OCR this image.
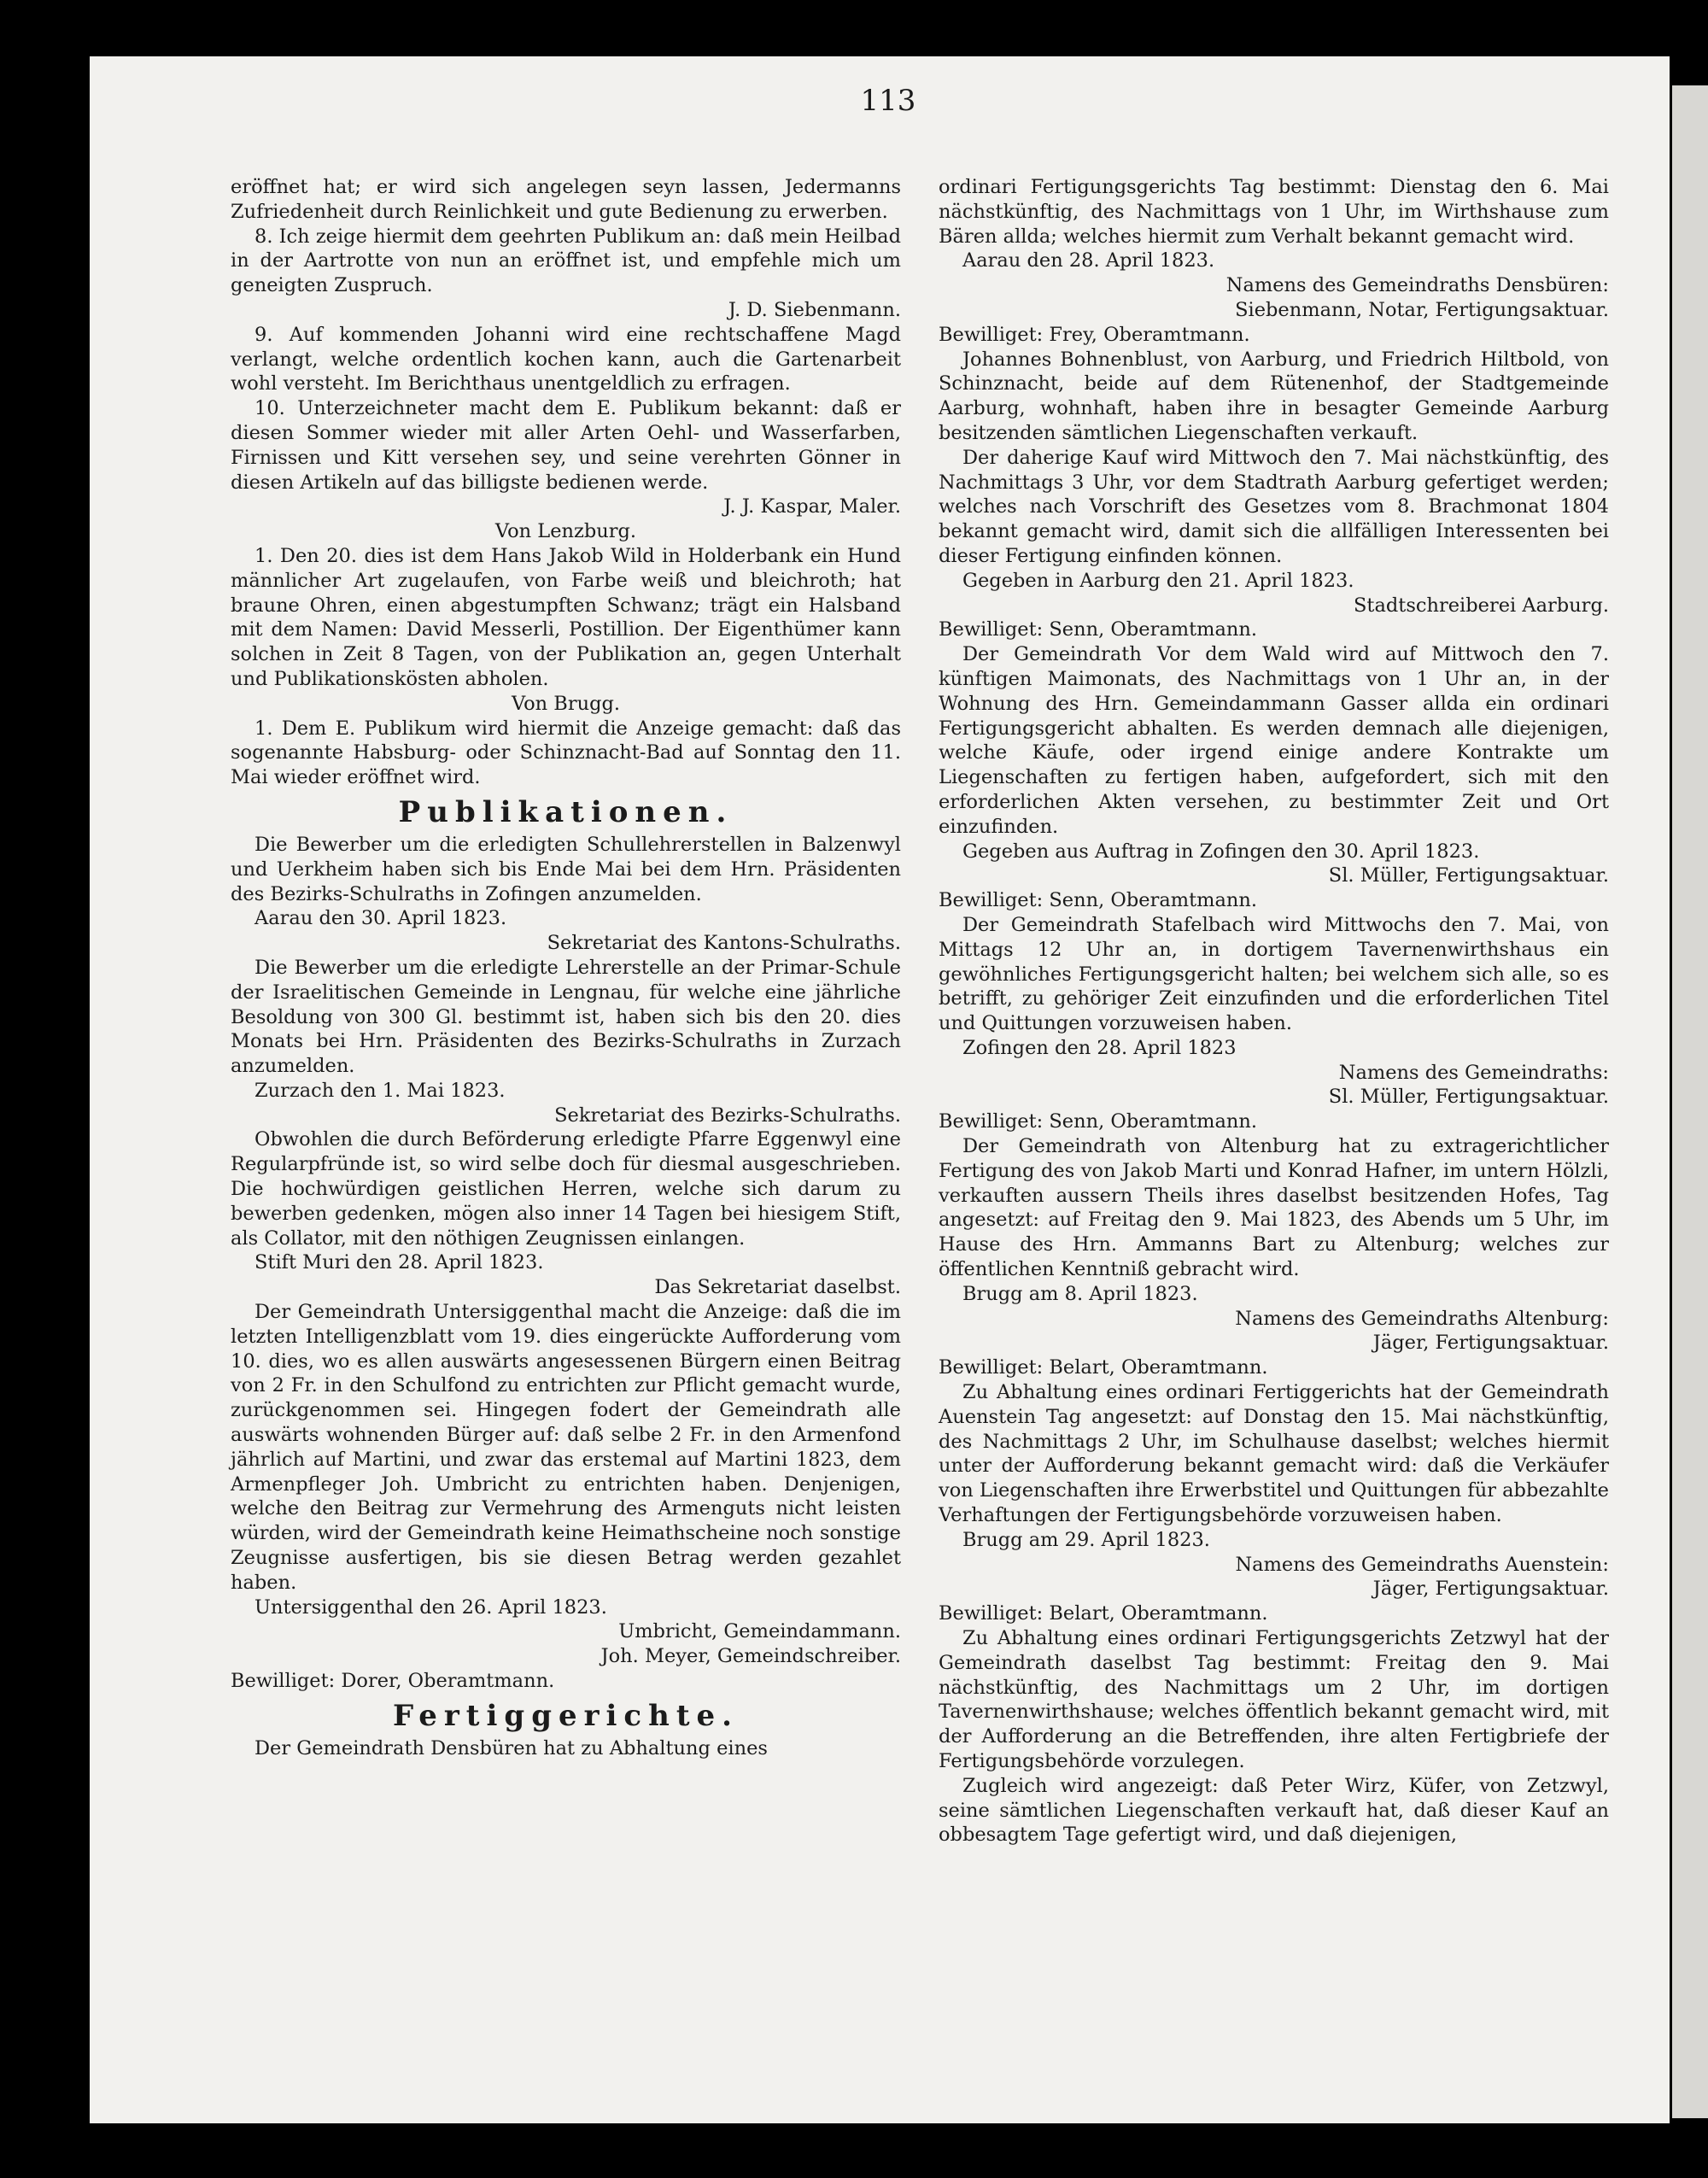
113

eröffnet hat; er wird sich angelegen seyn lassen, Jedermanns Zufriedenheit durch Reinlichkeit und gute Bedienung zu erwerben.

8. Ich zeige hiermit dem geehrten Publikum an: daß mein Heilbad in der Aartrotte von nun an eröffnet ist, und empfehle mich um geneigten Zuspruch.

J. D. Siebenmann.

9. Auf kommenden Johanni wird eine rechtschaffene Magd verlangt, welche ordentlich kochen kann, auch die Gartenarbeit wohl versteht. Im Berichthaus unentgeldlich zu erfragen.

10. Unterzeichneter macht dem E. Publikum bekannt: daß er diesen Sommer wieder mit aller Arten Oehl- und Wasserfarben, Firnissen und Kitt versehen sey, und seine verehrten Gönner in diesen Artikeln auf das billigste bedienen werde.

J. J. Kaspar, Maler.

Von Lenzburg.

1. Den 20. dies ist dem Hans Jakob Wild in Holderbank ein Hund männlicher Art zugelaufen, von Farbe weiß und bleichroth; hat braune Ohren, einen abgestumpften Schwanz; trägt ein Halsband mit dem Namen: David Messerli, Postillion. Der Eigenthümer kann solchen in Zeit 8 Tagen, von der Publikation an, gegen Unterhalt und Publikationskösten abholen.

Von Brugg.

1. Dem E. Publikum wird hiermit die Anzeige gemacht: daß das sogenannte Habsburg- oder Schinznacht-Bad auf Sonntag den 11. Mai wieder eröffnet wird.

Publikationen.

Die Bewerber um die erledigten Schullehrerstellen in Balzenwyl und Uerkheim haben sich bis Ende Mai bei dem Hrn. Präsidenten des Bezirks-Schulraths in Zofingen anzumelden.

Aarau den 30. April 1823.

Sekretariat des Kantons-Schulraths.

Die Bewerber um die erledigte Lehrerstelle an der Primar-Schule der Israelitischen Gemeinde in Lengnau, für welche eine jährliche Besoldung von 300 Gl. bestimmt ist, haben sich bis den 20. dies Monats bei Hrn. Präsidenten des Bezirks-Schulraths in Zurzach anzumelden.

Zurzach den 1. Mai 1823.

Sekretariat des Bezirks-Schulraths.

Obwohlen die durch Beförderung erledigte Pfarre Eggenwyl eine Regularpfründe ist, so wird selbe doch für diesmal ausgeschrieben. Die hochwürdigen geistlichen Herren, welche sich darum zu bewerben gedenken, mögen also inner 14 Tagen bei hiesigem Stift, als Collator, mit den nöthigen Zeugnissen einlangen.

Stift Muri den 28. April 1823.

Das Sekretariat daselbst.

Der Gemeindrath Untersiggenthal macht die Anzeige: daß die im letzten Intelligenzblatt vom 19. dies eingerückte Aufforderung vom 10. dies, wo es allen auswärts angesessenen Bürgern einen Beitrag von 2 Fr. in den Schulfond zu entrichten zur Pflicht gemacht wurde, zurückgenommen sei. Hingegen fodert der Gemeindrath alle auswärts wohnenden Bürger auf: daß selbe 2 Fr. in den Armenfond jährlich auf Martini, und zwar das erstemal auf Martini 1823, dem Armenpfleger Joh. Umbricht zu entrichten haben. Denjenigen, welche den Beitrag zur Vermehrung des Armenguts nicht leisten würden, wird der Gemeindrath keine Heimathscheine noch sonstige Zeugnisse ausfertigen, bis sie diesen Betrag werden gezahlet haben.

Untersiggenthal den 26. April 1823.

Umbricht, Gemeindammann.

Joh. Meyer, Gemeindschreiber.

Bewilliget: Dorer, Oberamtmann.

Fertiggerichte.

Der Gemeindrath Densbüren hat zu Abhaltung eines

ordinari Fertigungsgerichts Tag bestimmt: Dienstag den 6. Mai nächstkünftig, des Nachmittags von 1 Uhr, im Wirthshause zum Bären allda; welches hiermit zum Verhalt bekannt gemacht wird.

Aarau den 28. April 1823.

Namens des Gemeindraths Densbüren:

Siebenmann, Notar, Fertigungsaktuar.

Bewilliget: Frey, Oberamtmann.

Johannes Bohnenblust, von Aarburg, und Friedrich Hiltbold, von Schinznacht, beide auf dem Rütenenhof, der Stadtgemeinde Aarburg, wohnhaft, haben ihre in besagter Gemeinde Aarburg besitzenden sämtlichen Liegenschaften verkauft.

Der daherige Kauf wird Mittwoch den 7. Mai nächstkünftig, des Nachmittags 3 Uhr, vor dem Stadtrath Aarburg gefertiget werden; welches nach Vorschrift des Gesetzes vom 8. Brachmonat 1804 bekannt gemacht wird, damit sich die allfälligen Interessenten bei dieser Fertigung einfinden können.

Gegeben in Aarburg den 21. April 1823.

Stadtschreiberei Aarburg.

Bewilliget: Senn, Oberamtmann.

Der Gemeindrath Vor dem Wald wird auf Mittwoch den 7. künftigen Maimonats, des Nachmittags von 1 Uhr an, in der Wohnung des Hrn. Gemeindammann Gasser allda ein ordinari Fertigungsgericht abhalten. Es werden demnach alle diejenigen, welche Käufe, oder irgend einige andere Kontrakte um Liegenschaften zu fertigen haben, aufgefordert, sich mit den erforderlichen Akten versehen, zu bestimmter Zeit und Ort einzufinden.

Gegeben aus Auftrag in Zofingen den 30. April 1823.

Sl. Müller, Fertigungsaktuar.

Bewilliget: Senn, Oberamtmann.

Der Gemeindrath Stafelbach wird Mittwochs den 7. Mai, von Mittags 12 Uhr an, in dortigem Tavernenwirthshaus ein gewöhnliches Fertigungsgericht halten; bei welchem sich alle, so es betrifft, zu gehöriger Zeit einzufinden und die erforderlichen Titel und Quittungen vorzuweisen haben.

Zofingen den 28. April 1823

Namens des Gemeindraths:

Sl. Müller, Fertigungsaktuar.

Bewilliget: Senn, Oberamtmann.

Der Gemeindrath von Altenburg hat zu extragerichtlicher Fertigung des von Jakob Marti und Konrad Hafner, im untern Hölzli, verkauften aussern Theils ihres daselbst besitzenden Hofes, Tag angesetzt: auf Freitag den 9. Mai 1823, des Abends um 5 Uhr, im Hause des Hrn. Ammanns Bart zu Altenburg; welches zur öffentlichen Kenntniß gebracht wird.

Brugg am 8. April 1823.

Namens des Gemeindraths Altenburg:

Jäger, Fertigungsaktuar.

Bewilliget: Belart, Oberamtmann.

Zu Abhaltung eines ordinari Fertiggerichts hat der Gemeindrath Auenstein Tag angesetzt: auf Donstag den 15. Mai nächstkünftig, des Nachmittags 2 Uhr, im Schulhause daselbst; welches hiermit unter der Aufforderung bekannt gemacht wird: daß die Verkäufer von Liegenschaften ihre Erwerbstitel und Quittungen für abbezahlte Verhaftungen der Fertigungsbehörde vorzuweisen haben.

Brugg am 29. April 1823.

Namens des Gemeindraths Auenstein:

Jäger, Fertigungsaktuar.

Bewilliget: Belart, Oberamtmann.

Zu Abhaltung eines ordinari Fertigungsgerichts Zetzwyl hat der Gemeindrath daselbst Tag bestimmt: Freitag den 9. Mai nächstkünftig, des Nachmittags um 2 Uhr, im dortigen Tavernenwirthshause; welches öffentlich bekannt gemacht wird, mit der Aufforderung an die Betreffenden, ihre alten Fertigbriefe der Fertigungsbehörde vorzulegen.

Zugleich wird angezeigt: daß Peter Wirz, Küfer, von Zetzwyl, seine sämtlichen Liegenschaften verkauft hat, daß dieser Kauf an obbesagtem Tage gefertigt wird, und daß diejenigen,
